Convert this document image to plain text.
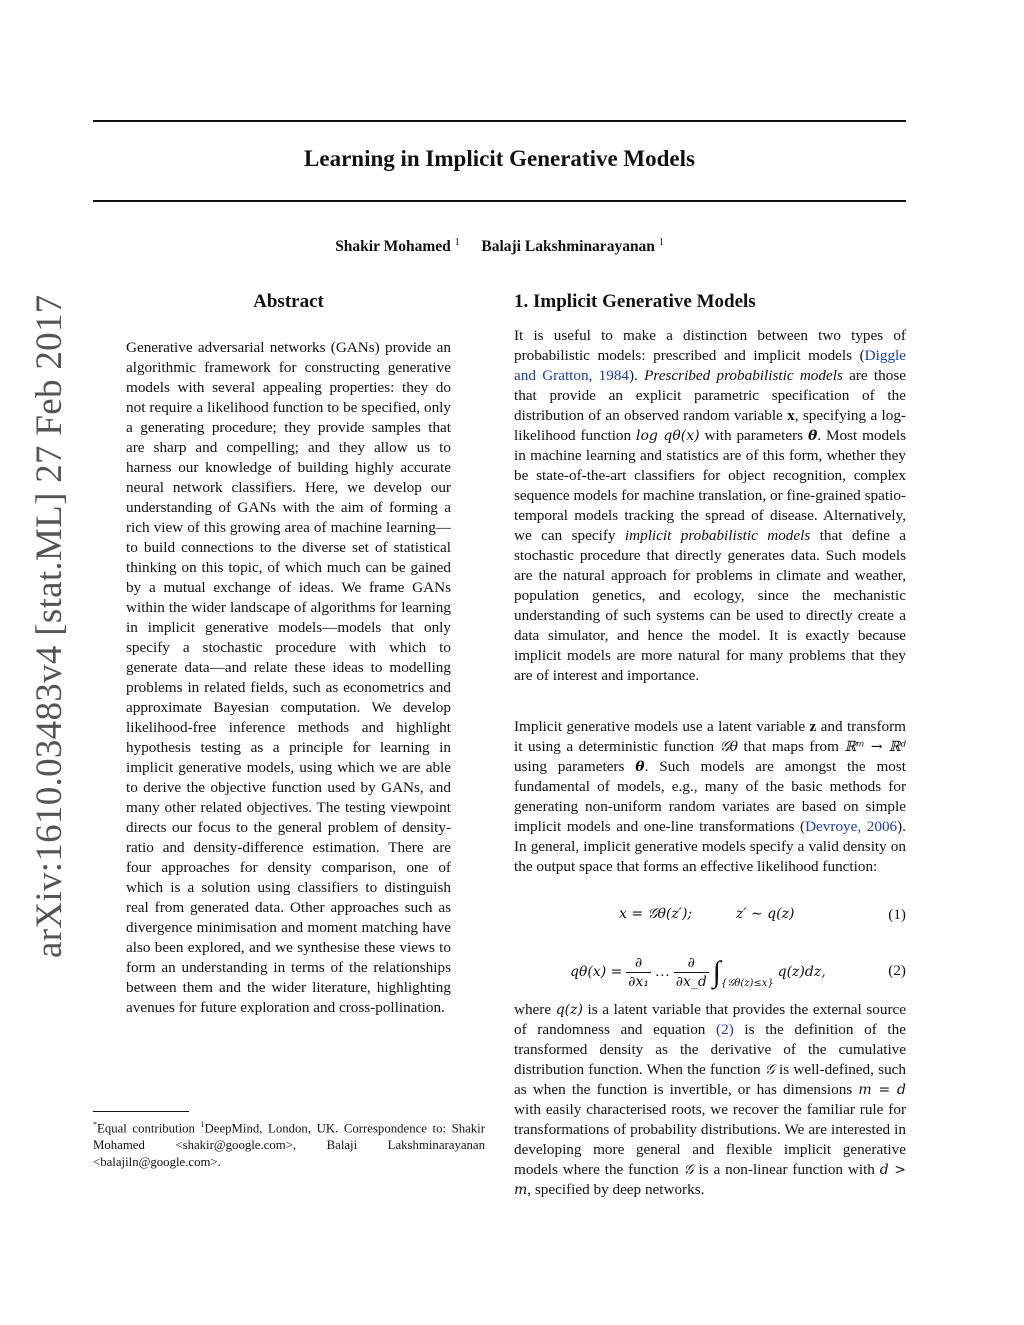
arXiv:1610.03483v4 [stat.ML] 27 Feb 2017
Learning in Implicit Generative Models
Shakir Mohamed $^1$ Balaji Lakshminarayanan $^1$
Abstract
Generative adversarial networks (GANs) provide an algorithmic framework for constructing generative models with several appealing properties: they do not require a likelihood function to be specified, only a generating procedure; they provide samples that are sharp and compelling; and they allow us to harness our knowledge of building highly accurate neural network classifiers. Here, we develop our understanding of GANs with the aim of forming a rich view of this growing area of machine learning—to build connections to the diverse set of statistical thinking on this topic, of which much can be gained by a mutual exchange of ideas. We frame GANs within the wider landscape of algorithms for learning in implicit generative models—models that only specify a stochastic procedure with which to generate data—and relate these ideas to modelling problems in related fields, such as econometrics and approximate Bayesian computation. We develop likelihood-free inference methods and highlight hypothesis testing as a principle for learning in implicit generative models, using which we are able to derive the objective function used by GANs, and many other related objectives. The testing viewpoint directs our focus to the general problem of density-ratio and density-difference estimation. There are four approaches for density comparison, one of which is a solution using classifiers to distinguish real from generated data. Other approaches such as divergence minimisation and moment matching have also been explored, and we synthesise these views to form an understanding in terms of the relationships between them and the wider literature, highlighting avenues for future exploration and cross-pollination.
*Equal contribution $^1$DeepMind, London, UK. Correspondence to: Shakir Mohamed <shakir@google.com>, Balaji Lakshminarayanan <balajiln@google.com>.
1. Implicit Generative Models
It is useful to make a distinction between two types of probabilistic models: prescribed and implicit models (Diggle and Gratton, 1984). Prescribed probabilistic models are those that provide an explicit parametric specification of the distribution of an observed random variable x, specifying a log-likelihood function log qθ(x) with parameters θ. Most models in machine learning and statistics are of this form, whether they be state-of-the-art classifiers for object recognition, complex sequence models for machine translation, or fine-grained spatio-temporal models tracking the spread of disease. Alternatively, we can specify implicit probabilistic models that define a stochastic procedure that directly generates data. Such models are the natural approach for problems in climate and weather, population genetics, and ecology, since the mechanistic understanding of such systems can be used to directly create a data simulator, and hence the model. It is exactly because implicit models are more natural for many problems that they are of interest and importance.
Implicit generative models use a latent variable z and transform it using a deterministic function 𝒢θ that maps from ℝᵐ → ℝᵈ using parameters θ. Such models are amongst the most fundamental of models, e.g., many of the basic methods for generating non-uniform random variates are based on simple implicit models and one-line transformations (Devroye, 2006). In general, implicit generative models specify a valid density on the output space that forms an effective likelihood function:
x = 𝒢θ(z′);	z′ ∼ q(z)	(1)
$q\theta(x) = \frac{\partial}{\text{∂x₁}}$ … $\frac{\partial}{\partial x\_d} \int_{\{𝒢\theta(z)\le x\}}$ q(z)dz,	(2)
where q(z) is a latent variable that provides the external source of randomness and equation (2) is the definition of the transformed density as the derivative of the cumulative distribution function. When the function 𝒢 is well-defined, such as when the function is invertible, or has dimensions m = d with easily characterised roots, we recover the familiar rule for transformations of probability distributions. We are interested in developing more general and flexible implicit generative models where the function 𝒢 is a non-linear function with d > m, specified by deep networks.
